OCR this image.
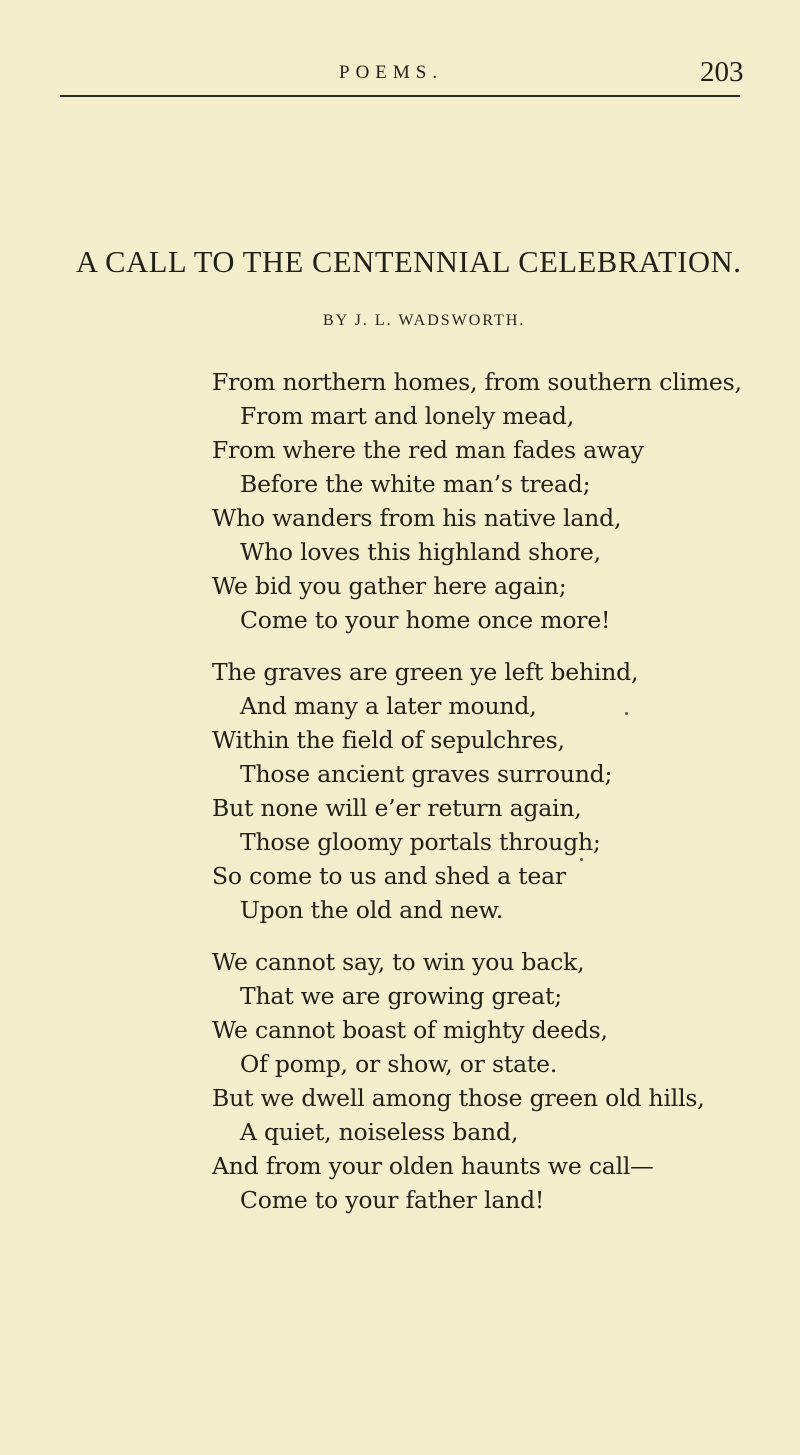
POEMS.	203
A CALL TO THE CENTENNIAL CELEBRATION.
BY J. L. WADSWORTH.
From northern homes, from southern climes,
From mart and lonely mead,
From where the red man fades away
Before the white man’s tread;
Who wanders from his native land,
Who loves this highland shore,
We bid you gather here again;
Come to your home once more!
The graves are green ye left behind,
And many a later mound,
Within the field of sepulchres,
Those ancient graves surround;
But none will e’er return again,
Those gloomy portals through;
So come to us and shed a tear
Upon the old and new.
We cannot say, to win you back,
That we are growing great;
We cannot boast of mighty deeds,
Of pomp, or show, or state.
But we dwell among those green old hills,
A quiet, noiseless band,
And from your olden haunts we call—
Come to your father land!
